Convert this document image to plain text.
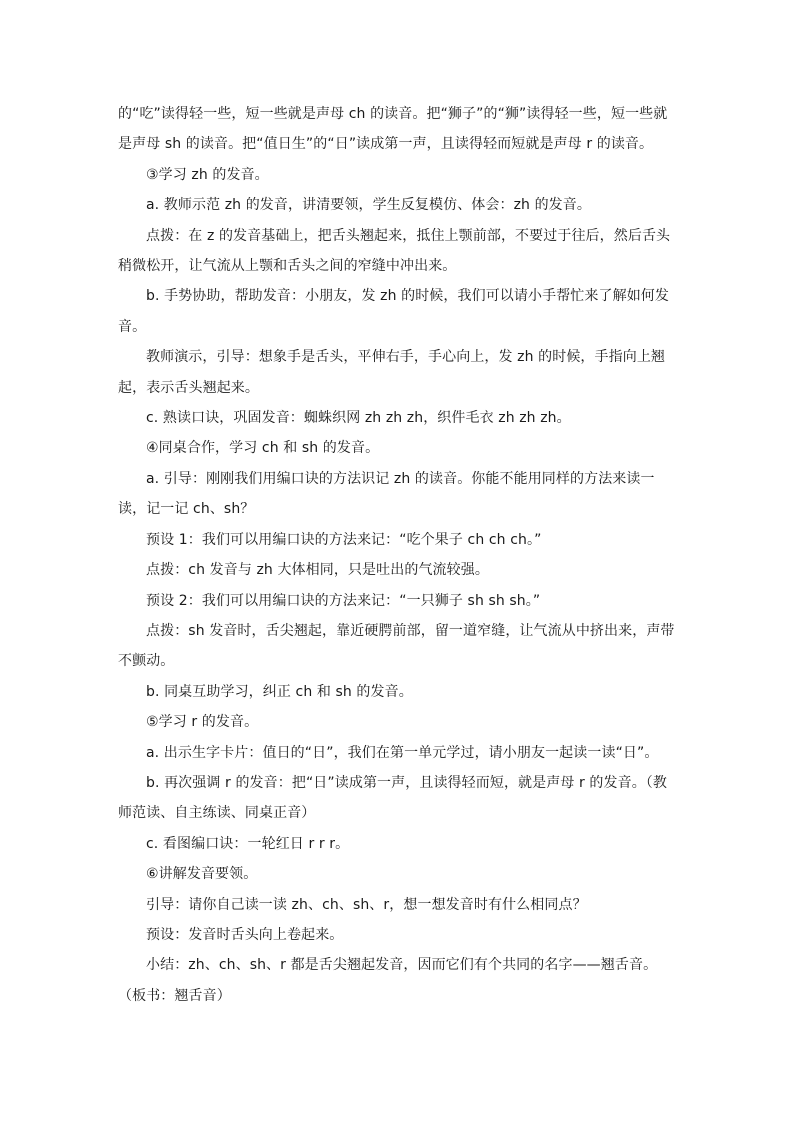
的“吃”读得轻一些，短一些就是声母 ch 的读音。把“狮子”的“狮”读得轻一些，短一些就是声母 sh 的读音。把“值日生”的“日”读成第一声，且读得轻而短就是声母 r 的读音。

③学习 zh 的发音。

a. 教师示范 zh 的发音，讲清要领，学生反复模仿、体会：zh 的发音。

点拨：在 z 的发音基础上，把舌头翘起来，抵住上颚前部，不要过于往后，然后舌头稍微松开，让气流从上颚和舌头之间的窄缝中冲出来。

b. 手势协助，帮助发音：小朋友，发 zh 的时候，我们可以请小手帮忙来了解如何发音。

教师演示，引导：想象手是舌头，平伸右手，手心向上，发 zh 的时候，手指向上翘起，表示舌头翘起来。

c. 熟读口诀，巩固发音：蜘蛛织网 zh zh zh，织件毛衣 zh zh zh。

④同桌合作，学习 ch 和 sh 的发音。

a. 引导：刚刚我们用编口诀的方法识记 zh 的读音。你能不能用同样的方法来读一读，记一记 ch、sh？

预设 1：我们可以用编口诀的方法来记：“吃个果子 ch ch ch。”

点拨：ch 发音与 zh 大体相同，只是吐出的气流较强。

预设 2：我们可以用编口诀的方法来记：“一只狮子 sh sh sh。”

点拨：sh 发音时，舌尖翘起，靠近硬腭前部，留一道窄缝，让气流从中挤出来，声带不颤动。

b. 同桌互助学习，纠正 ch 和 sh 的发音。

⑤学习 r 的发音。

a. 出示生字卡片：值日的“日”，我们在第一单元学过，请小朋友一起读一读“日”。

b. 再次强调 r 的发音：把“日”读成第一声，且读得轻而短，就是声母 r 的发音。（教师范读、自主练读、同桌正音）

c. 看图编口诀：一轮红日 r r r。

⑥讲解发音要领。

引导：请你自己读一读 zh、ch、sh、r，想一想发音时有什么相同点？

预设：发音时舌头向上卷起来。

小结：zh、ch、sh、r 都是舌尖翘起发音，因而它们有个共同的名字——翘舌音。（板书：翘舌音）
